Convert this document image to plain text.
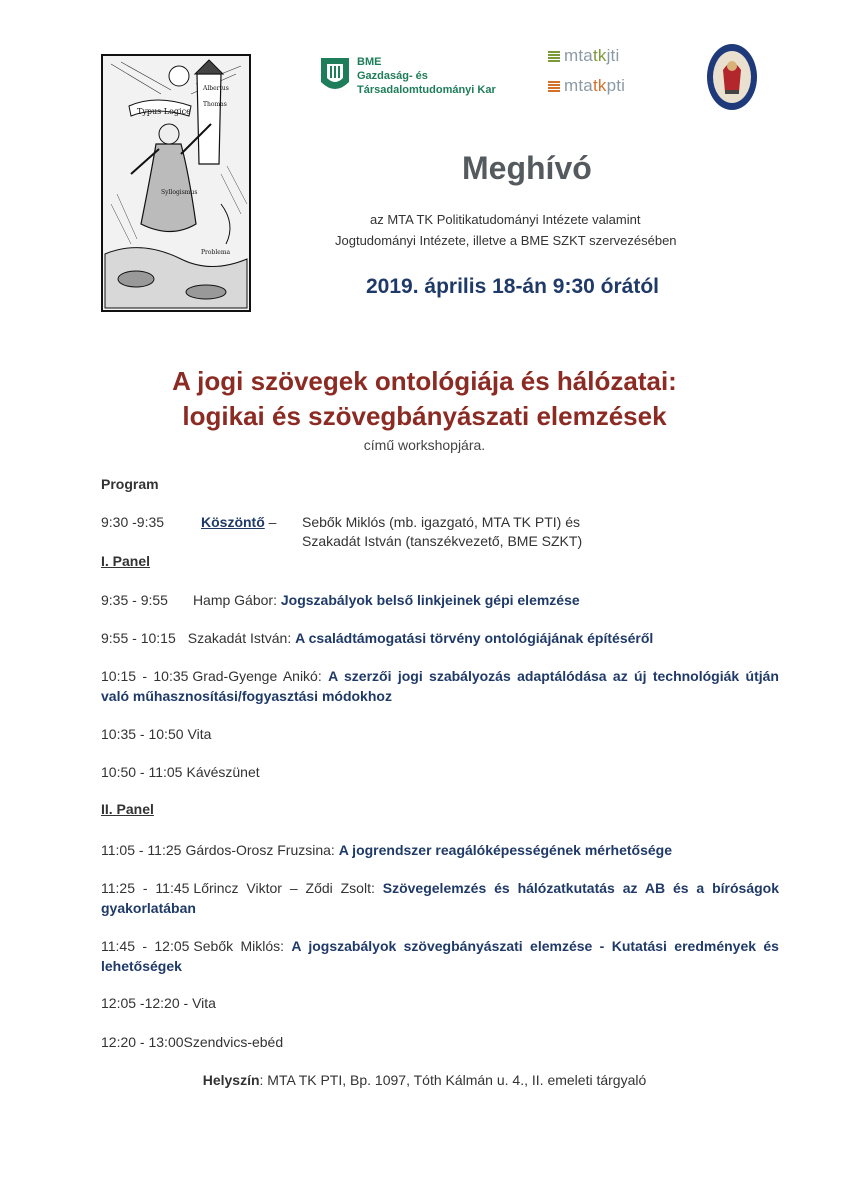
Typus Logice
Albertus
Thomas
Syllogismus
Problema
BME
Gazdaság- és
Társadalomtudományi Kar
mta tk jti
mta tk pti
Meghívó
az MTA TK Politikatudományi Intézete valamint
Jogtudományi Intézete, illetve a BME SZKT szervezésében
2019. április 18-án 9:30 órától
A jogi szövegek ontológiája és hálózatai:
logikai és szövegbányászati elemzések
című workshopjára.
Program
9:30 -9:35	Köszöntő – Sebők Miklós (mb. igazgató, MTA TK PTI) és
Szakadát István (tanszékvezető, BME SZKT)
I. Panel
9:35 - 9:55 Hamp Gábor: Jogszabályok belső linkjeinek gépi elemzése
9:55 - 10:15 Szakadát István: A családtámogatási törvény ontológiájának építéséről
10:15 - 10:35 Grad-Gyenge Anikó: A szerzői jogi szabályozás adaptálódása az új technológiák útján való műhasznosítási/fogyasztási módokhoz
10:35 - 10:50 Vita
10:50 - 11:05 Kávészünet
II. Panel
11:05 - 11:25 Gárdos-Orosz Fruzsina: A jogrendszer reagálóképességének mérhetősége
11:25 - 11:45 Lőrincz Viktor – Ződi Zsolt: Szövegelemzés és hálózatkutatás az AB és a bíróságok gyakorlatában
11:45 - 12:05 Sebők Miklós: A jogszabályok szövegbányászati elemzése - Kutatási eredmények és lehetőségek
12:05 -12:20 - Vita
12:20 - 13:00Szendvics-ebéd
Helyszín: MTA TK PTI, Bp. 1097, Tóth Kálmán u. 4., II. emeleti tárgyaló
